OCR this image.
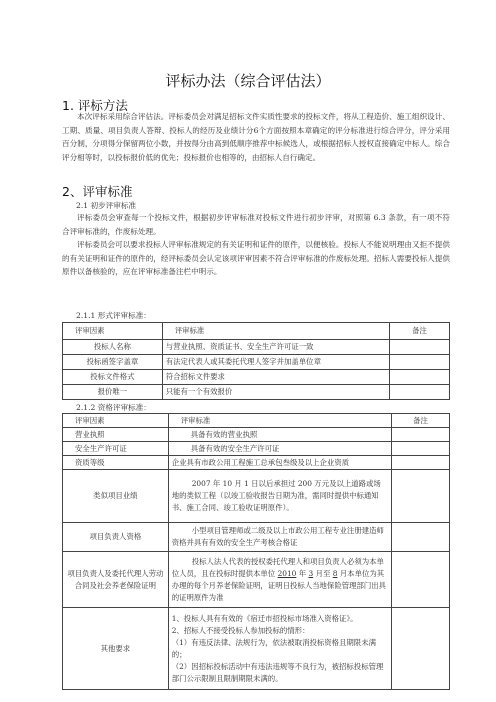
评标办法（综合评估法）
1. 评标方法

本次评标采用综合评估法。评标委员会对满足招标文件实质性要求的投标文件，将从工程造价、施工组织设计、工期、质量、项目负责人答辩、投标人的经历及业绩计分6个方面按照本章确定的评分标准进行综合评分，评分采用百分制，分项得分保留两位小数，并按得分由高到低顺序推荐中标候选人，或根据招标人授权直接确定中标人。综合评分相等时，以投标报价低的优先；投标报价也相等的，由招标人自行确定。

2、评审标准
2.1 初步评审标准

评标委员会审查每一个投标文件，根据初步评审标准对投标文件进行初步评审，对照第 6.3 条款，有一项不符合评审标准的，作废标处理。

评标委员会可以要求投标人评审标准规定的有关证明和证件的原件，以便核验。投标人不能说明理由又拒不提供的有关证明和证件的原件的，经评标委员会认定该项评审因素不符合评审标准的作废标处理。招标人需要投标人提供原件以备核验的，应在评审标准备注栏中明示。

2.1.1 形式评审标准：
评审因素	评审标准	备注
投标人名称	与营业执照、资质证书、安全生产许可证一致	
投标函签字盖章	有法定代表人或其委托代理人签字并加盖单位章	
投标文件格式	符合招标文件要求	
报价唯一	只能有一个有效报价	
2.1.2 资格评审标准：
评审因素	评审标准	备注
营业执照	具备有效的营业执照	
安全生产许可证	具备有效的安全生产许可证	
资质等级	企业具有市政公用工程施工总承包叁级及以上企业资质	
类似项目业绩	2007 年 10 月 1 日以后承担过 200 万元及以上道路或场地的类似工程（以竣工验收报告日期为准，需同时提供中标通知书、施工合同、竣工验收证明原件）。	
项目负责人资格	小型项目管理师或二级及以上市政公用工程专业注册建造师资格并具有有效的安全生产考核合格证	
项目负责人及委托代理人劳动合同及社会养老保险证明	投标人法人代表的授权委托代理人和项目负责人必须为本单位人员，且在投标时提供本单位 2010 年 3 月至 8 月本单位为其办理的每个月养老保险证明，证明日投标人当地保险管理部门出具的证明原件为准	
其他要求	1、投标人具有有效的《宿迁市招投标市场准入资格证》。
2、招标人不接受投标人参加投标的情形：
（1）有违反法律、法规行为，依法被取消投标资格且期限未满的；
（2）因招标投标活动中有违法违规等不良行为，被招标投标管理部门公示限制且限制期限未满的。	
